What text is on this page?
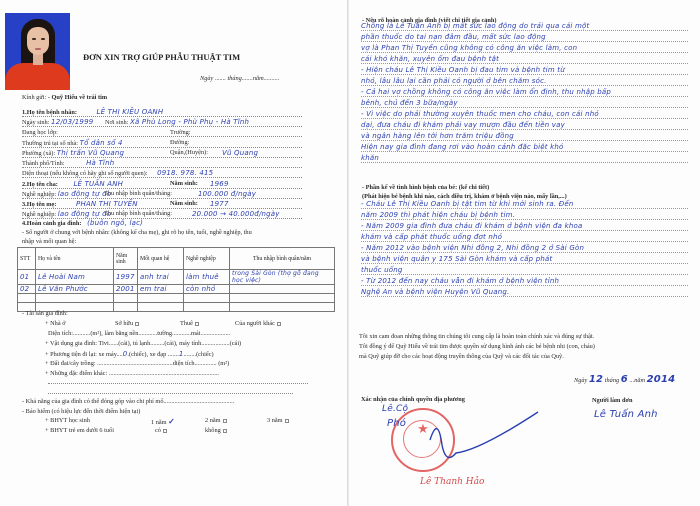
ĐƠN XIN TRỢ GIÚP PHẪU THUẬT TIM
Ngày ....... tháng.......năm..........
Kính gửi: - Quỹ Hiểu về trái tim
1.Họ tên bệnh nhân:	LÊ THỊ KIỀU OANH
Ngày sinh: 12/03/1999 Nơi sinh: Xã Phù Long - Phù Phụ - Hà Tĩnh
Đang học lớp:	Trường:
Thường trú tại số nhà: Tổ dân số 4	Đường:
Phường (xã): Thị trấn Vũ Quang	Quận,(Huyện): Vũ Quang
Thành phố/Tỉnh:	Hà Tĩnh
Diện thoại (nếu không có hãy ghi số người quen): 0918. 978. 415
2.Họ tên cha: LÊ TUẤN ANH	Năm sinh: 1969
Nghề nghiệp: lao động tự do
Thu nhập bình quân/tháng:	100.000 đ/ngày
3.Họ tên mẹ:	PHAN THỊ TUYẾN	Năm sinh: 1977
Nghề nghiệp: lao động tự do
Thu nhập bình quân/tháng:	20.000 → 40.000đ/ngày
4.Hoàn cảnh gia đình: (buôn ngô, lạc)
- Số người ở chung với bệnh nhân: (không kể cha mẹ), ghi rõ họ tên, tuổi, nghề nghiệp, thu
nhập và mối quan hệ:
STT	Họ và tên	Năm sinh	Mối quan hệ	Nghề nghiệp	Thu nhập bình quân/năm
01	Lê Hoài Nam	1997	anh trai	làm thuê	trong Sài Gòn (thợ gỗ đang học việc)
02	Lê Văn Phước	2001	em trai	còn nhỏ	

- Tài sản gia đình:
+ Nhà ở	Sở hữu	Thuê	Của người khác
Diện tích:...........(m²), làm bằng nền............tường............mái...................
+ Vật dụng gia đình: Tivi......(cái), tủ lạnh.........(cái), máy tính..................(cái)
+ Phương tiện đi lại: xe máy....0.(chiếc), xe đạp .......1........(chiếc)
+ Đất đai/cây trồng: ................................................diện tích.............. (m²)
+ Những đặc điểm khác: ......................................................................
- Khả năng của gia đình có thể đóng góp vào chi phí mổ.............................................
- Bảo hiểm (có hiệu lực đến thời điểm hiện tại)
+ BHYT học sinh	1 năm ✓	2 năm	3 năm
+ BHYT trẻ em dưới 6 tuổi	có	không
- Nêu rõ hoàn cảnh gia đình (viết chi tiết gia cảnh)
Chồng là Lê Tuấn Anh bị mất sức lao động do trải qua cái một
phần thuốc do tai nạn đâm đầu, mất sức lao động
vợ là Phan Thị Tuyến cũng không có công ăn việc làm, con
cái khó khăn, xuyên ốm đau bệnh tật
- Hiện cháu Lê Thị Kiều Oanh bị đau tim và bệnh tim từ
nhỏ, lâu lâu lại cần phải có người ở bên chăm sóc.
- Cả hai vợ chồng không có công ăn việc làm ổn định, thu nhập bấp
bênh, chủ đến 3 bữa/ngày
- Vì việc do phải thường xuyên thuốc men cho cháu, con cái nhỏ
dại, đưa cháu đi khám phải vay mượn đầu đến tiền vay
và ngân hàng lên tới hơn trăm triệu đồng
Hiện nay gia đình đang rơi vào hoàn cảnh đặc biệt khó
khăn
- Cháu Lê Thị Kiều Oanh bị tật tim từ khi mới sinh ra. Đến
năm 2009 thì phát hiện cháu bị bệnh tim.
- Năm 2009 gia đình đưa cháu đi khám ở bệnh viện đa khoa
khám và cấp phát thuốc uống đợt nhỏ
- Năm 2012 vào bệnh viện Nhi đồng 2, Nhi đồng 2 ở Sài Gòn
và bệnh viện quân y 175 Sài Gòn khám và cấp phát
thuốc uống
- Từ 2012 đến nay cháu vẫn đi khám ở bệnh viện tỉnh
Nghệ An và bệnh viện Huyện Vũ Quang.
- Phần kể về tình hình bệnh của bé: (kể chi tiết)
(Phát hiện bé bệnh khi nào, cách điều trị, khám ở bệnh viện nào, mấy lần,...)
Tôi xin cam đoan những thông tin chúng tôi cung cấp là hoàn toàn chính xác và đúng sự thật.
Tôi đồng ý để Quỹ Hiểu về trái tim được quyền sử dụng hình ảnh các bé bệnh nhi (con, cháu)
mà Quỹ giúp đỡ cho các hoạt động truyền thông của Quỹ và các đối tác của Quỹ.
Ngày 12 tháng 6 ...năm 2014
Xác nhận của chính quyền địa phương	Người làm đơn
Lê Tuấn Anh
★
Lê.Cộ
Phó
Lê Thanh Hảo
